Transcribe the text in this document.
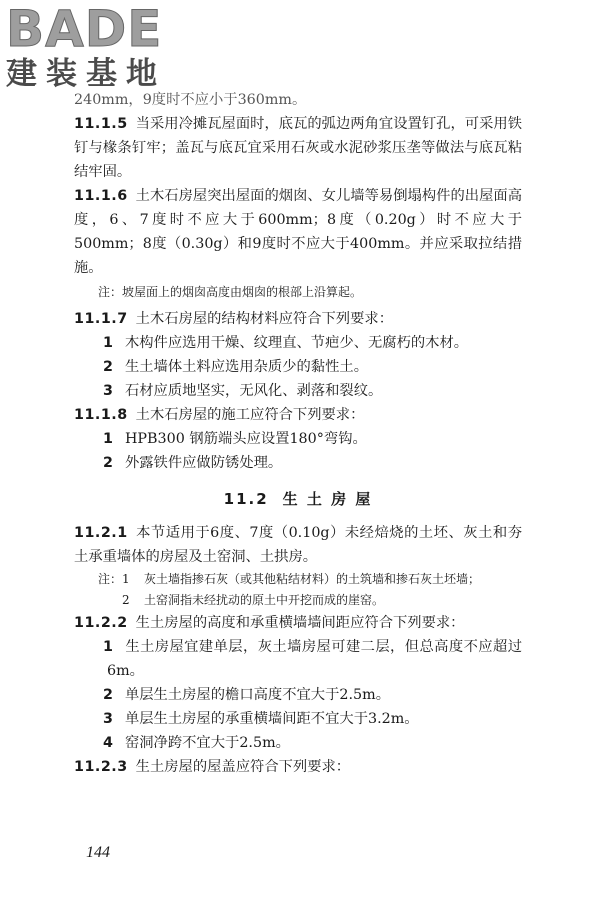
BADE
建装基地

240mm，9度时不应小于360mm。

11.1.5 当采用冷摊瓦屋面时，底瓦的弧边两角宜设置钉孔，可采用铁钉与椽条钉牢；盖瓦与底瓦宜采用石灰或水泥砂浆压垄等做法与底瓦粘结牢固。

11.1.6 土木石房屋突出屋面的烟囱、女儿墙等易倒塌构件的出屋面高度，6、7度时不应大于600mm；8度（0.20g）时不应大于500mm；8度（0.30g）和9度时不应大于400mm。并应采取拉结措施。

注：坡屋面上的烟囱高度由烟囱的根部上沿算起。

11.1.7 土木石房屋的结构材料应符合下列要求：

1 木构件应选用干燥、纹理直、节疤少、无腐朽的木材。

2 生土墙体土料应选用杂质少的黏性土。

3 石材应质地坚实，无风化、剥落和裂纹。

11.1.8 土木石房屋的施工应符合下列要求：

1 HPB300 钢筋端头应设置180°弯钩。

2 外露铁件应做防锈处理。

11.2 生 土 房 屋

11.2.1 本节适用于6度、7度（0.10g）未经焙烧的土坯、灰土和夯土承重墙体的房屋及土窑洞、土拱房。

注： 1	灰土墙指掺石灰（或其他粘结材料）的土筑墙和掺石灰土坯墙；
2	土窑洞指未经扰动的原土中开挖而成的崖窑。

11.2.2 生土房屋的高度和承重横墙墙间距应符合下列要求：

1 生土房屋宜建单层，灰土墙房屋可建二层，但总高度不应超过6m。

2 单层生土房屋的檐口高度不宜大于2.5m。

3 单层生土房屋的承重横墙间距不宜大于3.2m。

4 窑洞净跨不宜大于2.5m。

11.2.3 生土房屋的屋盖应符合下列要求：

144
